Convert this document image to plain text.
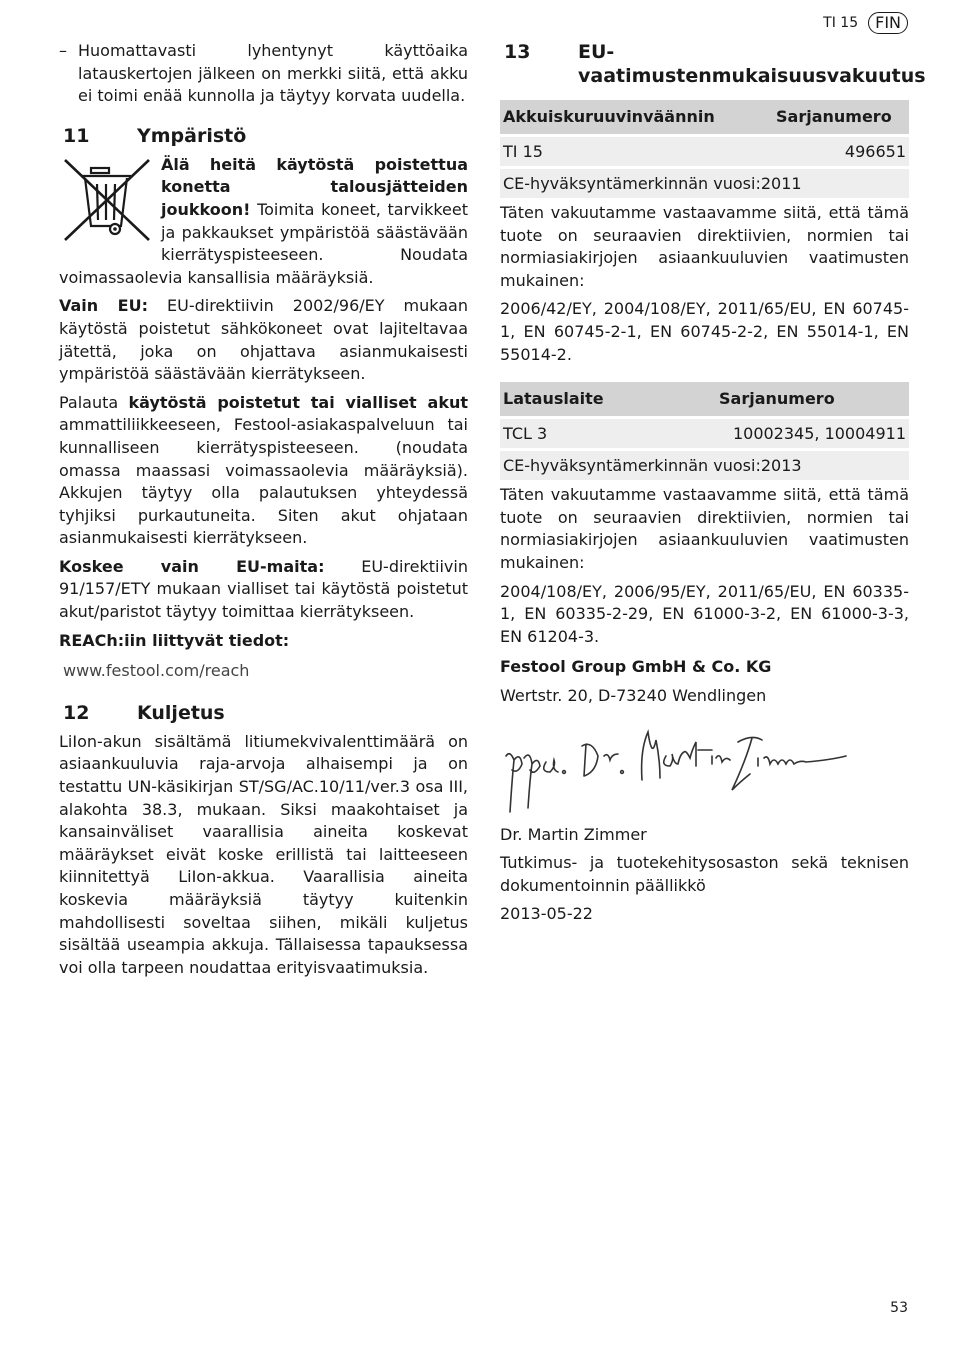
TI 15	FIN
– Huomattavasti lyhentynyt käyttöaika latauskertojen jälkeen on merkki siitä, että akku ei toimi enää kunnolla ja täytyy korvata uudella.
11	Ympäristö

Älä heitä käytöstä poistettua konetta talousjätteiden joukkoon! Toimita koneet, tarvikkeet ja pakkaukset ympäristöä säästävään kierrätyspisteeseen. Noudata voimassaolevia kansallisia määräyksiä.

Vain EU: EU-direktiivin 2002/96/EY mukaan käytöstä poistetut sähkökoneet ovat lajiteltavaa jätettä, joka on ohjattava asianmukaisesti ympäristöä säästävään kierrätykseen.

Palauta käytöstä poistetut tai vialliset akut ammattiliikkeeseen, Festool-asiakaspalveluun tai kunnalliseen kierrätyspisteeseen. (noudata omassa maassasi voimassaolevia määräyksiä). Akkujen täytyy olla palautuksen yhteydessä tyhjiksi purkautuneita. Siten akut ohjataan asianmukaisesti kierrätykseen.

Koskee vain EU-maita: EU-direktiivin 91/157/ETY mukaan vialliset tai käytöstä poistetut akut/paristot täytyy toimittaa kierrätykseen.

REACh:iin liittyvät tiedot:

www.festool.com/reach

12	Kuljetus

LiIon-akun sisältämä litiumekvivalenttimäärä on asiaankuuluvia raja-arvoja alhaisempi ja on testattu UN-käsikirjan ST/SG/AC.10/11/ver.3 osa III, alakohta 38.3, mukaan. Siksi maakohtaiset ja kansainväliset vaarallisia aineita koskevat määräykset eivät koske erillistä tai laitteeseen kiinnitettyä LiIon-akkua. Vaarallisia aineita koskevia määräyksiä täytyy kuitenkin mahdollisesti soveltaa siihen, mikäli kuljetus sisältää useampia akkuja. Tällaisessa tapauksessa voi olla tarpeen noudattaa erityisvaatimuksia.

13	EU-vaatimustenmukaisuusvakuutus
Akkuiskuruuvinväännin	Sarjanumero
TI 15	496651
CE-hyväksyntämerkinnän vuosi:2011	

Täten vakuutamme vastaavamme siitä, että tämä tuote on seuraavien direktiivien, normien tai normiasiakirjojen asiaankuuluvien vaatimusten mukainen:

2006/42/EY, 2004/108/EY, 2011/65/EU, EN 60745-1, EN 60745-2-1, EN 60745-2-2, EN 55014-1, EN 55014-2.

Latauslaite	Sarjanumero
TCL 3	10002345, 10004911
CE-hyväksyntämerkinnän vuosi:2013	

Täten vakuutamme vastaavamme siitä, että tämä tuote on seuraavien direktiivien, normien tai normiasiakirjojen asiaankuuluvien vaatimusten mukainen:

2004/108/EY, 2006/95/EY, 2011/65/EU, EN 60335-1, EN 60335-2-29, EN 61000-3-2, EN 61000-3-3, EN 61204-3.

Festool Group GmbH & Co. KG

Wertstr. 20, D-73240 Wendlingen

Dr. Martin Zimmer

Tutkimus- ja tuotekehitysosaston sekä teknisen dokumentoinnin päällikkö

2013-05-22

53
